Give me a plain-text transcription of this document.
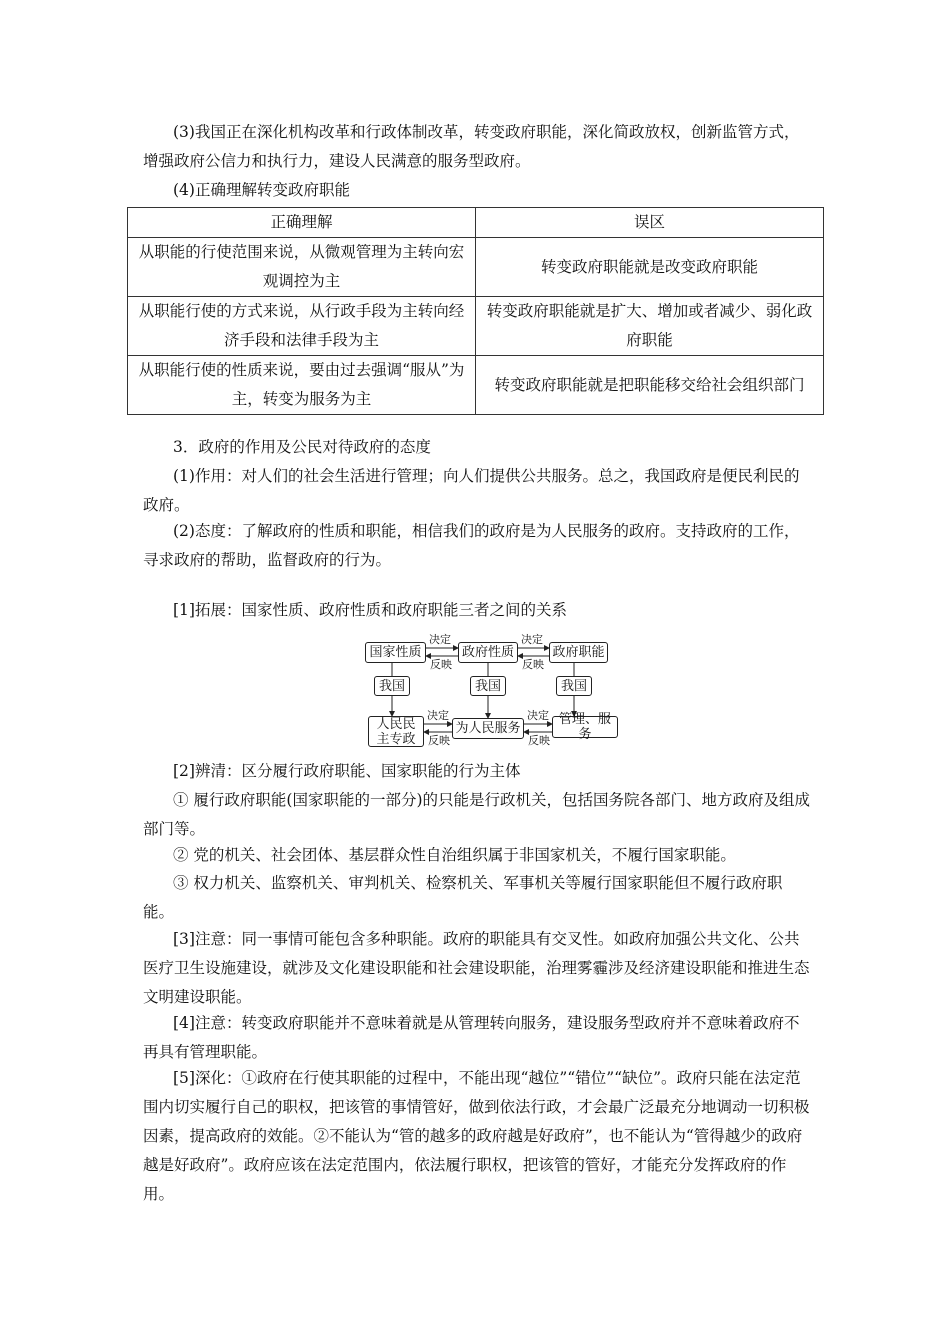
(3)我国正在深化机构改革和行政体制改革，转变政府职能，深化简政放权，创新监管方式，增强政府公信力和执行力，建设人民满意的服务型政府。

(4)正确理解转变政府职能

正确理解	误区
从职能的行使范围来说，从微观管理为主转向宏观调控为主	转变政府职能就是改变政府职能
从职能行使的方式来说，从行政手段为主转向经济手段和法律手段为主	转变政府职能就是扩大、增加或者减少、弱化政府职能
从职能行使的性质来说，要由过去强调“服从”为主，转变为服务为主	转变政府职能就是把职能移交给社会组织部门

3．政府的作用及公民对待政府的态度

(1)作用：对人们的社会生活进行管理；向人们提供公共服务。总之，我国政府是便民利民的政府。

(2)态度：了解政府的性质和职能，相信我们的政府是为人民服务的政府。支持政府的工作，寻求政府的帮助，监督政府的行为。

[1]拓展：国家性质、政府性质和政府职能三者之间的关系

国家性质	政府性质	政府职能
决定
反映
决定
反映
我国	我国	我国
人民民主专政
为人民服务
管理、服务
决定
反映
决定
反映

[2]辨清：区分履行政府职能、国家职能的行为主体

① 履行政府职能(国家职能的一部分)的只能是行政机关，包括国务院各部门、地方政府及组成部门等。

② 党的机关、社会团体、基层群众性自治组织属于非国家机关，不履行国家职能。

③ 权力机关、监察机关、审判机关、检察机关、军事机关等履行国家职能但不履行政府职能。

[3]注意：同一事情可能包含多种职能。政府的职能具有交叉性。如政府加强公共文化、公共医疗卫生设施建设，就涉及文化建设职能和社会建设职能，治理雾霾涉及经济建设职能和推进生态文明建设职能。

[4]注意：转变政府职能并不意味着就是从管理转向服务，建设服务型政府并不意味着政府不再具有管理职能。

[5]深化：①政府在行使其职能的过程中，不能出现“越位”“错位”“缺位”。政府只能在法定范围内切实履行自己的职权，把该管的事情管好，做到依法行政，才会最广泛最充分地调动一切积极因素，提高政府的效能。②不能认为“管的越多的政府越是好政府”，也不能认为“管得越少的政府越是好政府”。政府应该在法定范围内，依法履行职权，把该管的管好，才能充分发挥政府的作用。
